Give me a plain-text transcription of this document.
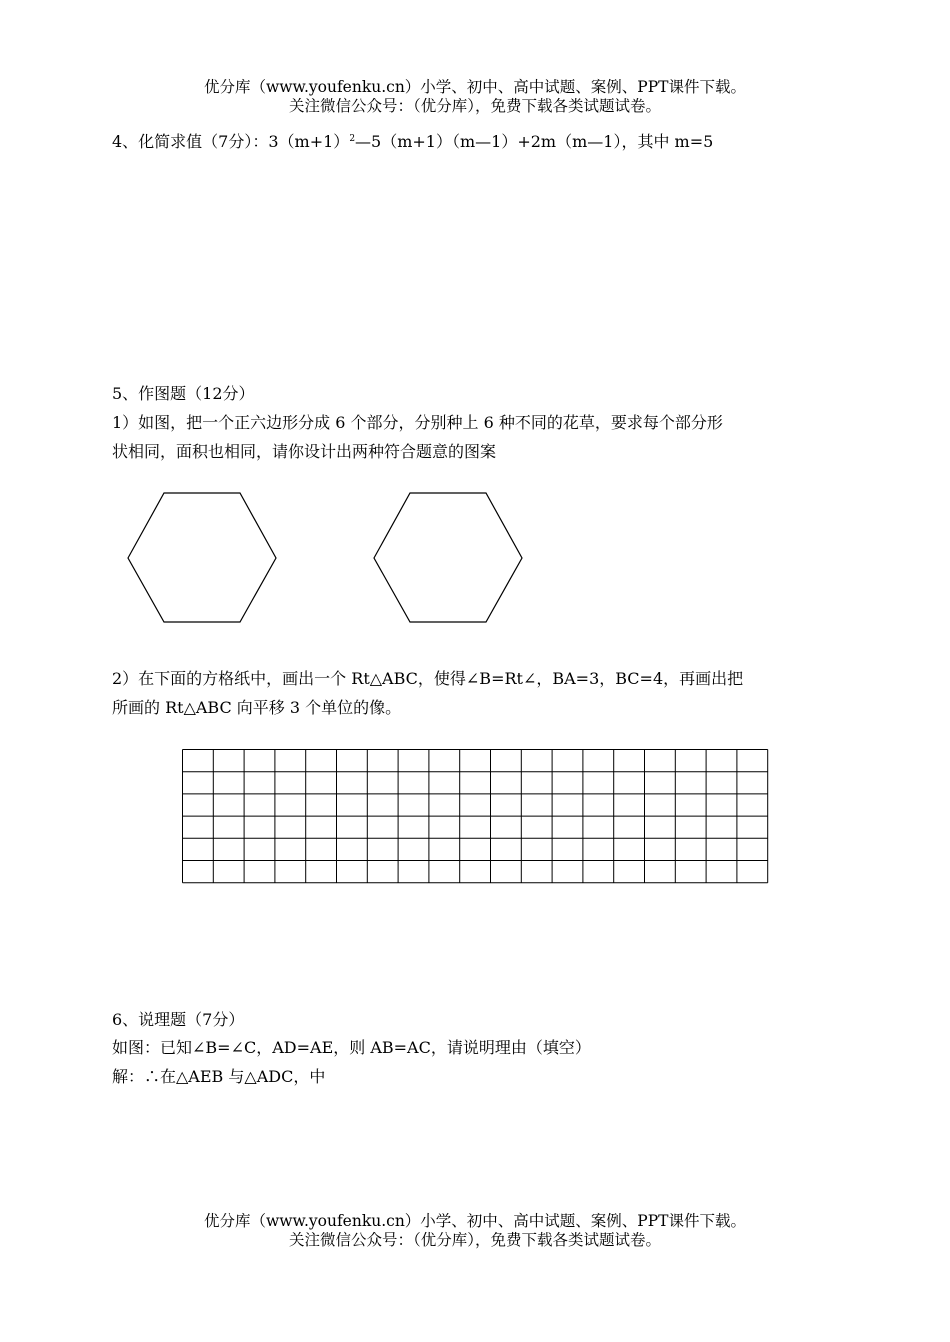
优分库（www.youfenku.cn）小学、初中、高中试题、案例、PPT课件下载。
关注微信公众号：（优分库），免费下载各类试题试卷。
4、化简求值（7分）：$3(m+1)^2—5(m+1)(m—1)+2m(m—1)$，其中 m=5
5、作图题（12分）
1）如图，把一个正六边形分成 6 个部分，分别种上 6 种不同的花草，要求每个部分形
状相同，面积也相同，请你设计出两种符合题意的图案
2）在下面的方格纸中，画出一个 Rt△ABC，使得∠B=Rt∠，BA=3，BC=4，再画出把
所画的 Rt△ABC 向平移 3 个单位的像。
6、说理题（7分）
如图：已知∠B=∠C，AD=AE，则 AB=AC，请说明理由（填空）
解：∴在△AEB 与△ADC，中
优分库（www.youfenku.cn）小学、初中、高中试题、案例、PPT课件下载。
关注微信公众号：（优分库），免费下载各类试题试卷。
